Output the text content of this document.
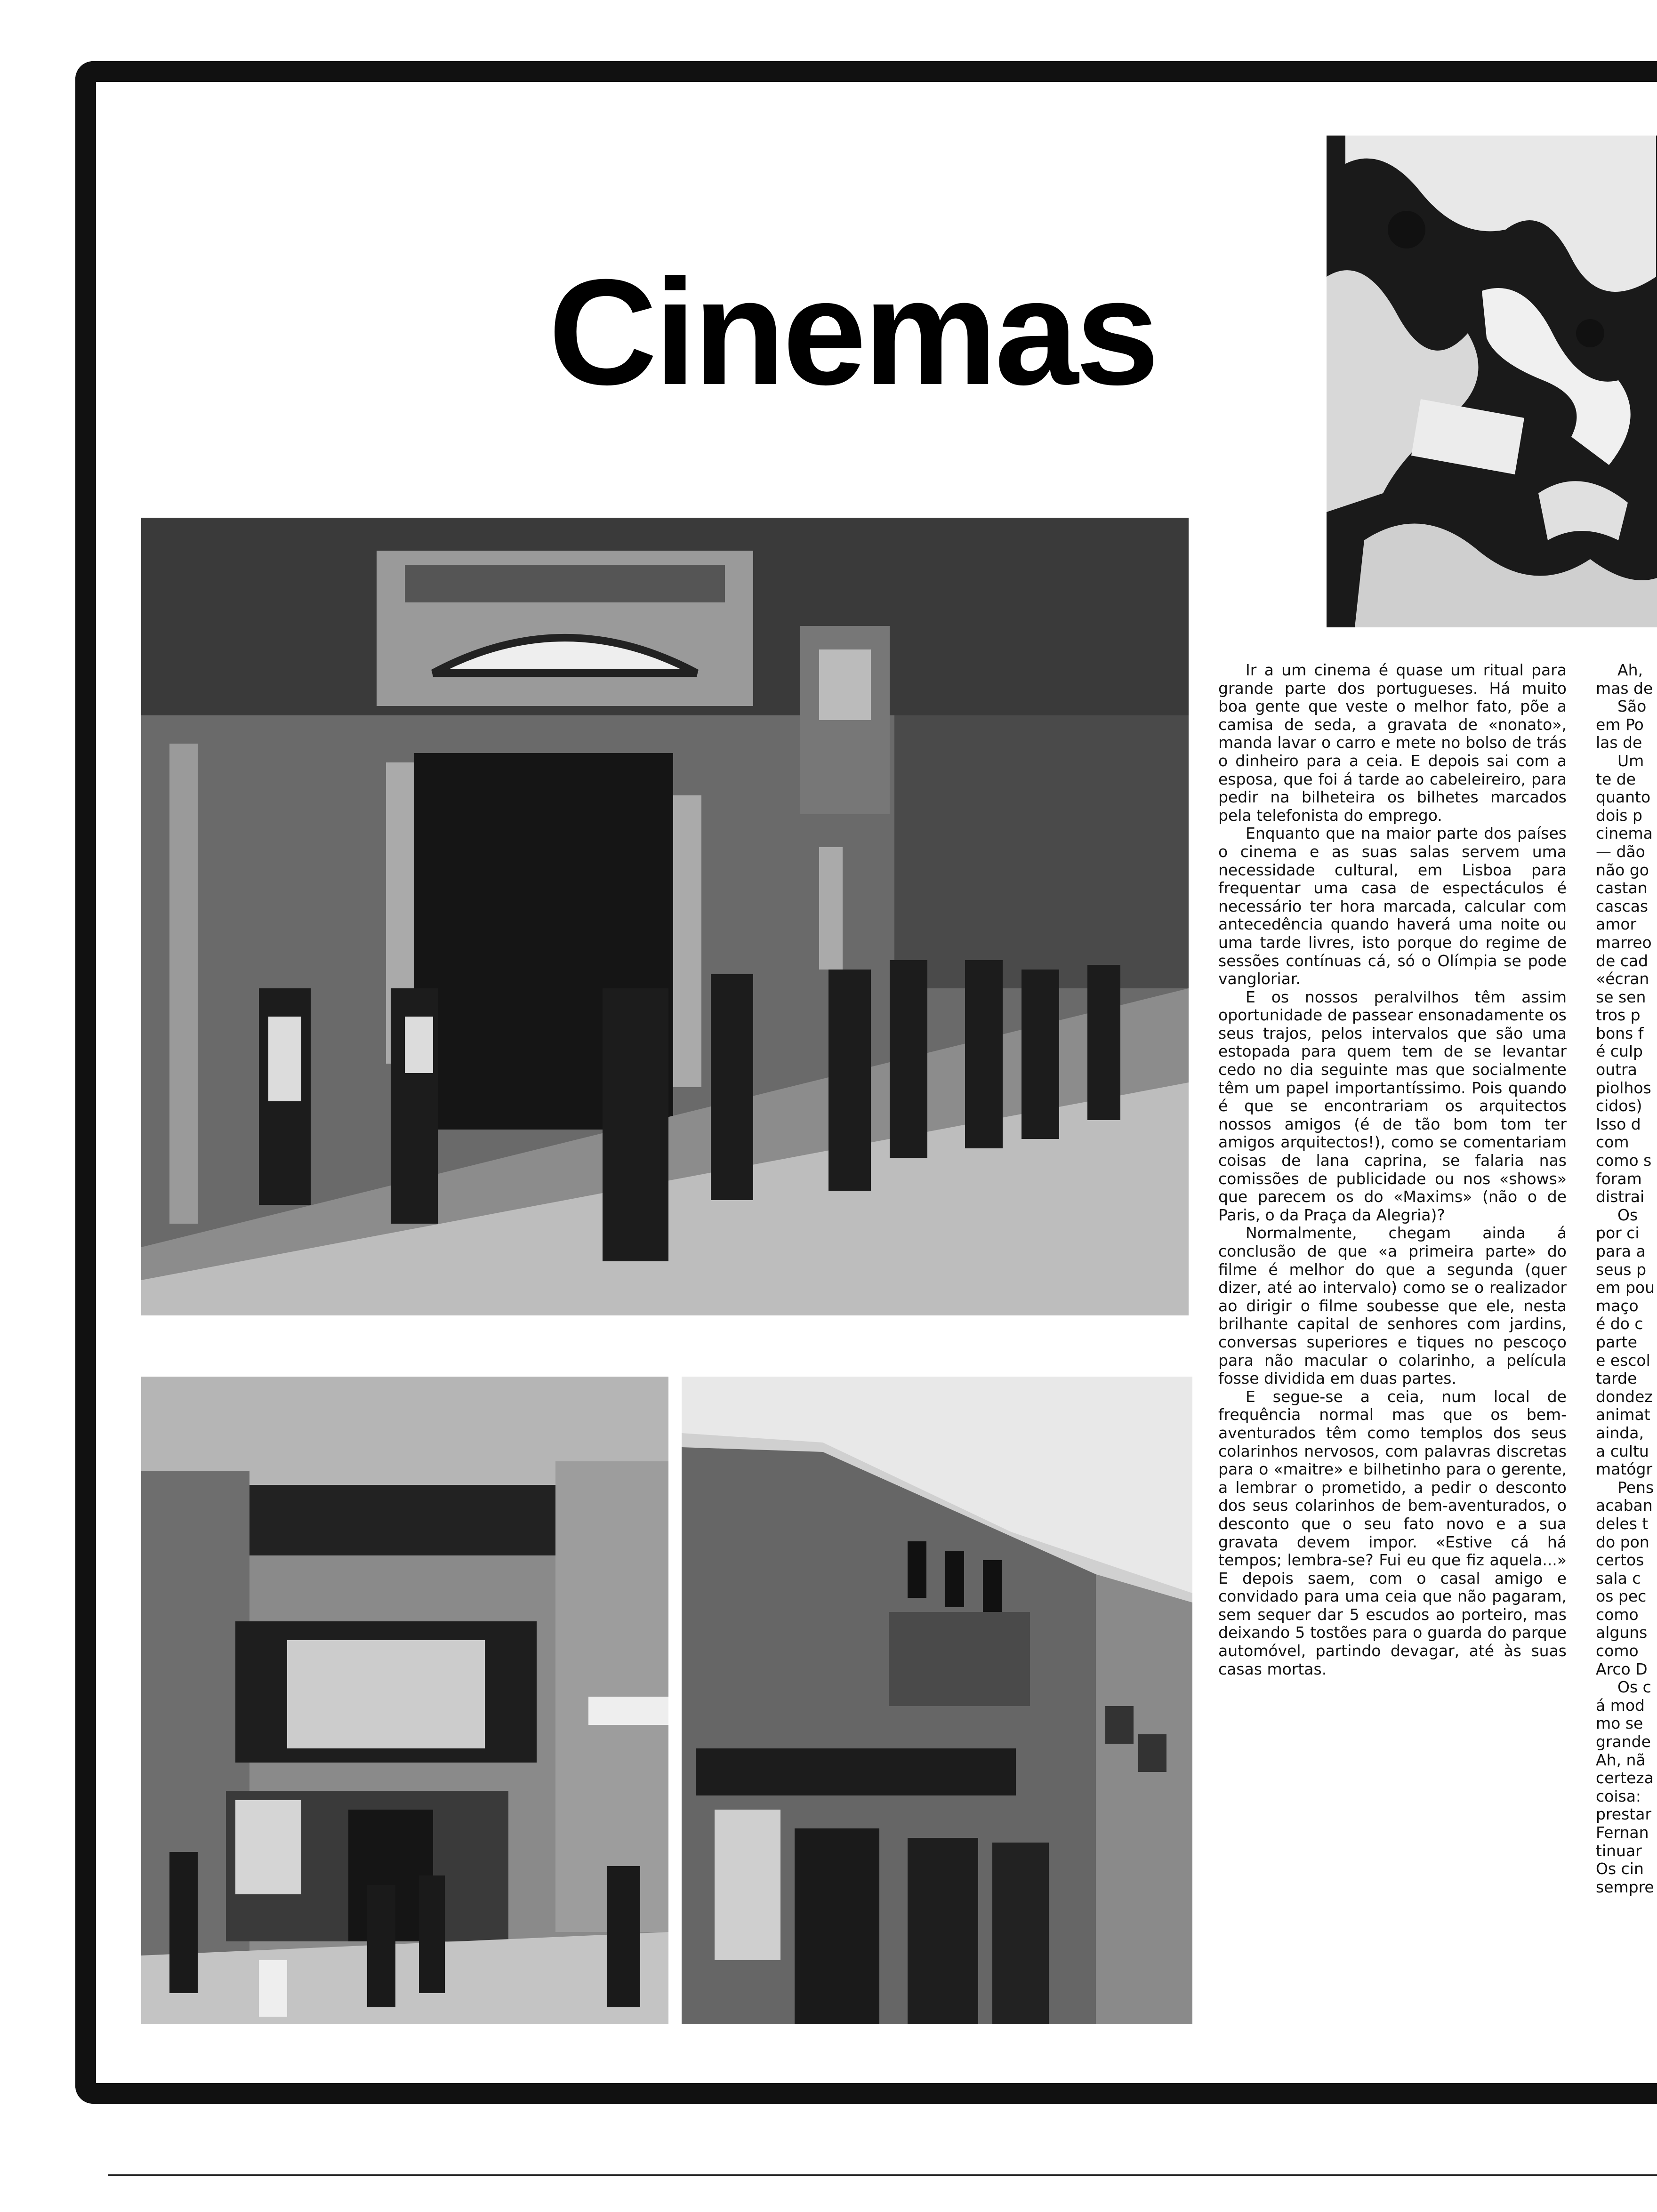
Cinemas

Ir a um cinema é quase um ritual para grande parte dos portugueses. Há muito boa gente que veste o melhor fato, põe a camisa de seda, a gravata de «nonato», manda lavar o carro e mete no bolso de trás o dinheiro para a ceia. E depois sai com a esposa, que foi á tarde ao cabeleireiro, para pedir na bilheteira os bilhetes marcados pela telefonista do emprego.

Enquanto que na maior parte dos países o cinema e as suas salas servem uma necessidade cultural, em Lisboa para frequentar uma casa de espectáculos é necessário ter hora marcada, calcular com antecedência quando haverá uma noite ou uma tarde livres, isto porque do regime de sessões contínuas cá, só o Olímpia se pode vangloriar.

E os nossos peralvilhos têm assim oportunidade de passear ensonadamente os seus trajos, pelos intervalos que são uma estopada para quem tem de se levantar cedo no dia seguinte mas que socialmente têm um papel importantíssimo. Pois quando é que se encontrariam os arquitectos nossos amigos (é de tão bom tom ter amigos arquitectos!), como se comentariam coisas de lana caprina, se falaria nas comissões de publicidade ou nos «shows» que parecem os do «Maxims» (não o de Paris, o da Praça da Alegria)?

Normalmente, chegam ainda á conclusão de que «a primeira parte» do filme é melhor do que a segunda (quer dizer, até ao intervalo) como se o realizador ao dirigir o filme soubesse que ele, nesta brilhante capital de senhores com jardins, conversas superiores e tiques no pescoço para não macular o colarinho, a película fosse dividida em duas partes.

E segue-se a ceia, num local de frequência normal mas que os bem-aventurados têm como templos dos seus colarinhos nervosos, com palavras discretas para o «maitre» e bilhetinho para o gerente, a lembrar o prometido, a pedir o desconto dos seus colarinhos de bem-aventurados, o desconto que o seu fato novo e a sua gravata devem impor. «Estive cá há tempos; lembra-se? Fui eu que fiz aquela...» E depois saem, com o casal amigo e convidado para uma ceia que não pagaram, sem sequer dar 5 escudos ao porteiro, mas deixando 5 tostões para o guarda do parque automóvel, partindo devagar, até às suas casas mortas.

Ah,
mas de
São
em Po
las de
Um
te de
quanto
dois p
cinema
— dão
não go
castan
cascas
amor
marreo
de cad
«écran
se sen
tros p
bons f
é culp
outra
piolhos
cidos)
Isso d
com
como s
foram
distrai
Os
por ci
para a
seus p
em pou
maço
é do c
parte
e escol
tarde
dondez
animat
ainda,
a cultu
matógr
Pens
acaban
deles t
do pon
certos
sala c
os pec
como
alguns
como
Arco D
Os c
á mod
mo se
grande
Ah, nã
certeza
coisa:
prestar
Fernan
tinuar
Os cin
sempre
